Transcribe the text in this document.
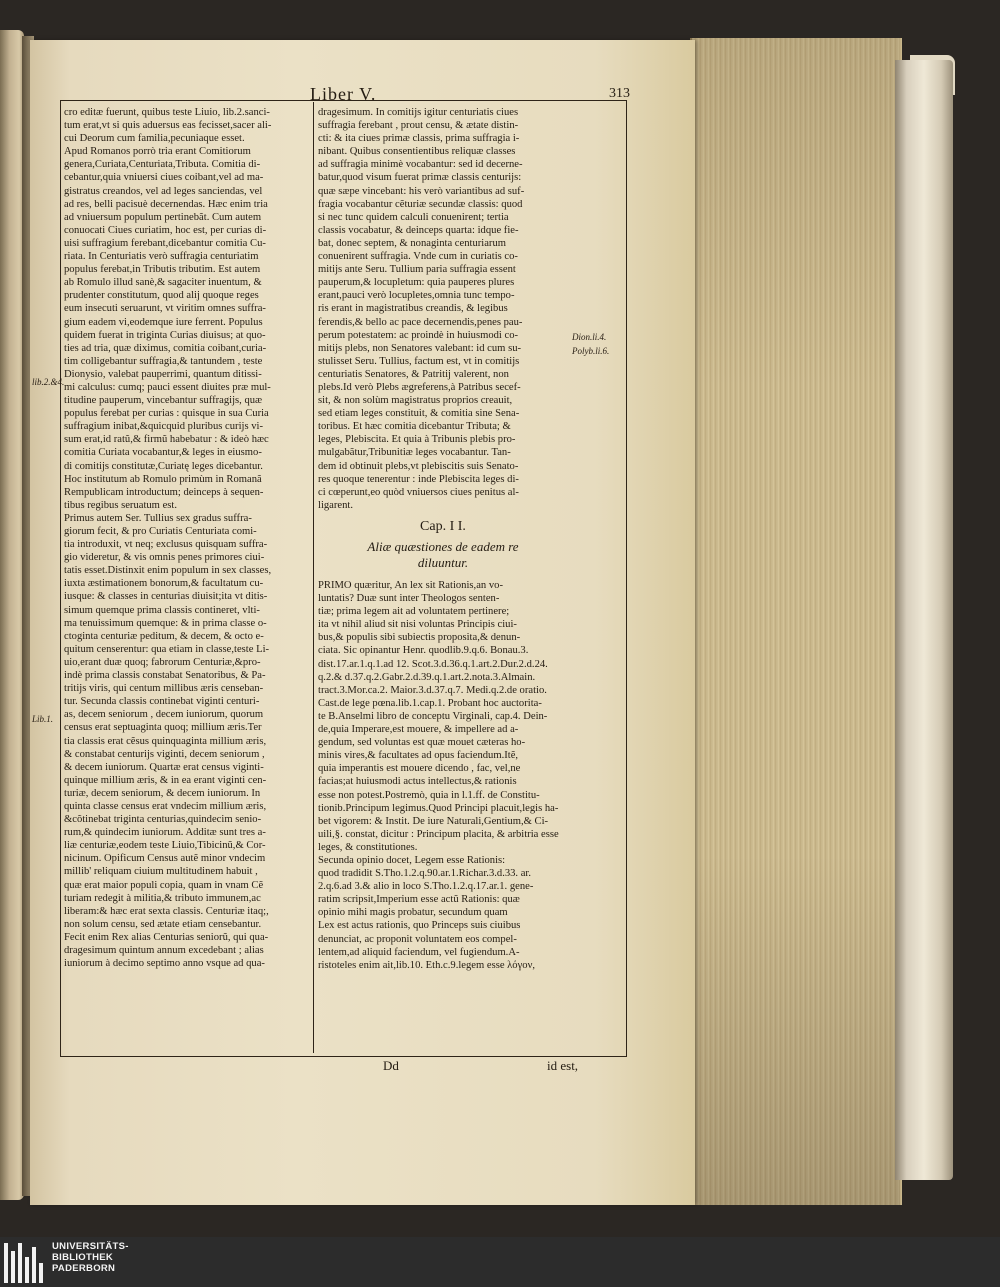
Liber V.	313
cro editæ fuerunt, quibus teste Liuio, lib.2.sanci-
tum erat,vt si quis aduersus eas fecisset,sacer ali-
cui Deorum cum familia,pecuniaque esset.
Apud Romanos porrò tria erant Comitiorum
genera,Curiata,Centuriata,Tributa. Comitia di-
cebantur,quia vniuersi ciues coibant,vel ad ma-
gistratus creandos, vel ad leges sanciendas, vel
ad res, belli pacisuè decernendas. Hæc enim tria
ad vniuersum populum pertinebãt. Cum autem
conuocati Ciues curiatim, hoc est, per curias di-
uisi suffragium ferebant,dicebantur comitia Cu-
riata. In Centuriatis verò suffragia centuriatim
populus ferebat,in Tributis tributim. Est autem
ab Romulo illud sanè,& sagaciter inuentum, &
prudenter constitutum, quod alij quoque reges
eum insecuti seruarunt, vt viritim omnes suffra-
gium eadem vi,eodemque iure ferrent. Populus
quidem fuerat in triginta Curias diuisus; at quo-
ties ad tria, quæ diximus, comitia coibant,curia-
tim colligebantur suffragia,& tantundem , teste
Dionysio, valebat pauperrimi, quantum ditissi-
mi calculus: cumq; pauci essent diuites præ mul-
titudine pauperum, vincebantur suffragijs, quæ
populus ferebat per curias : quisque in sua Curia
suffragium inibat,&quicquid pluribus curijs vi-
sum erat,id ratũ,& firmũ habebatur : & ideò hæc
comitia Curiata vocabantur,& leges in eiusmo-
di comitijs constitutæ,Curiatę leges dicebantur.
Hoc institutum ab Romulo primùm in Romanã
Rempublicam introductum; deinceps à sequen-
tibus regibus seruatum est.
Primus autem Ser. Tullius sex gradus suffra-
giorum fecit, & pro Curiatis Centuriata comi-
tia introduxit, vt neq; exclusus quisquam suffra-
gio videretur, & vis omnis penes primores ciui-
tatis esset.Distinxit enim populum in sex classes,
iuxta æstimationem bonorum,& facultatum cu-
iusque: & classes in centurias diuisit;ita vt ditis-
simum quemque prima classis contineret, vlti-
ma tenuissimum quemque: & in prima classe o-
ctoginta centuriæ peditum, & decem, & octo e-
quitum censerentur: qua etiam in classe,teste Li-
uio,erant duæ quoq; fabrorum Centuriæ,&pro-
indè prima classis constabat Senatoribus, & Pa-
tritijs viris, qui centum millibus æris censeban-
tur. Secunda classis continebat viginti centuri-
as, decem seniorum , decem iuniorum, quorum
census erat septuaginta quoq; millium æris.Ter
tia classis erat cẽsus quinquaginta millium æris,
& constabat centurijs viginti, decem seniorum ,
& decem iuniorum. Quartæ erat census viginti-
quinque millium æris, & in ea erant viginti cen-
turiæ, decem seniorum, & decem iuniorum. In
quinta classe census erat vndecim millium æris,
&cõtinebat triginta centurias,quindecim senio-
rum,& quindecim iuniorum. Additæ sunt tres a-
liæ centuriæ,eodem teste Liuio,Tibicinũ,& Cor-
nicinum. Opificum Census autẽ minor vndecim
millib' reliquam ciuium multitudinem habuit ,
quæ erat maior populi copia, quam in vnam Cẽ
turiam redegit à militia,& tributo immunem,ac
liberam:& hæc erat sexta classis. Centuriæ itaq;,
non solum censu, sed ætate etiam censebantur.
Fecit enim Rex alias Centurias seniorũ, qui qua-
dragesimum quintum annum excedebant ; alias
iuniorum à decimo septimo anno vsque ad qua-
dragesimum. In comitijs igitur centuriatis ciues
suffragia ferebant , prout censu, & ætate distin-
cti: & ita ciues primæ classis, prima suffragia i-
nibant. Quibus consentientibus reliquæ classes
ad suffragia minimè vocabantur: sed id decerne-
batur,quod visum fuerat primæ classis centurijs:
quæ sæpe vincebant: his verò variantibus ad suf-
fragia vocabantur cẽturiæ secundæ classis: quod
si nec tunc quidem calculi conuenirent; tertia
classis vocabatur, & deinceps quarta: idque fie-
bat, donec septem, & nonaginta centuriarum
conuenirent suffragia. Vnde cum in curiatis co-
mitijs ante Seru. Tullium paria suffragia essent
pauperum,& locupletum: quia pauperes plures
erant,pauci verò locupletes,omnia tunc tempo-
ris erant in magistratibus creandis, & legibus
ferendis,& bello ac pace decernendis,penes pau-
perum potestatem: ac proindè in huiusmodi co-
mitijs plebs, non Senatores valebant: id cum su-
stulisset Seru. Tullius, factum est, vt in comitijs
centuriatis Senatores, & Patritij valerent, non
plebs.Id verò Plebs ægreferens,à Patribus secef-
sit, & non solùm magistratus proprios creauit,
sed etiam leges constituit, & comitia sine Sena-
toribus. Et hæc comitia dicebantur Tributa; &
leges, Plebiscita. Et quia à Tribunis plebis pro-
mulgabãtur,Tribunitiæ leges vocabantur. Tan-
dem id obtinuit plebs,vt plebiscitis suis Senato-
res quoque tenerentur : inde Plebiscita leges di-
ci cœperunt,eo quòd vniuersos ciues penitus al-
ligarent.
Cap. I I.
Aliæ quæstiones de eadem re
diluuntur.
PRIMO quæritur, An lex sit Rationis,an vo-
luntatis? Duæ sunt inter Theologos senten-
tiæ; prima legem ait ad voluntatem pertinere;
ita vt nihil aliud sit nisi voluntas Principis ciui-
bus,& populis sibi subiectis proposita,& denun-
ciata. Sic opinantur Henr. quodlib.9.q.6. Bonau.3.
dist.17.ar.1.q.1.ad 12. Scot.3.d.36.q.1.art.2.Dur.2.d.24.
q.2.& d.37.q.2.Gabr.2.d.39.q.1.art.2.nota.3.Almain.
tract.3.Mor.ca.2. Maior.3.d.37.q.7. Medi.q.2.de oratio.
Cast.de lege pœna.lib.1.cap.1. Probant hoc auctorita-
te B.Anselmi libro de conceptu Virginali, cap.4. Dein-
de,quia Imperare,est mouere, & impellere ad a-
gendum, sed voluntas est quæ mouet cæteras ho-
minis vires,& facultates ad opus faciendum.Itẽ,
quia imperantis est mouere dicendo , fac, vel,ne
facias;at huiusmodi actus intellectus,& rationis
esse non potest.Postremò, quia in l.1.ff. de Constitu-
tionib.Principum legimus.Quod Principi placuit,legis ha-
bet vigorem: & Instit. De iure Naturali,Gentium,& Ci-
uili,§. constat, dicitur : Principum placita, & arbitria esse
leges, & constitutiones.
Secunda opinio docet, Legem esse Rationis:
quod tradidit S.Tho.1.2.q.90.ar.1.Richar.3.d.33. ar.
2.q.6.ad 3.& alio in loco S.Tho.1.2.q.17.ar.1. gene-
ratim scripsit,Imperium esse actũ Rationis: quæ
opinio mihi magis probatur, secundum quam
Lex est actus rationis, quo Princeps suis ciuibus
denunciat, ac proponit voluntatem eos compel-
lentem,ad aliquid faciendum, vel fugiendum.A-
ristoteles enim ait,lib.10. Eth.c.9.legem esse λόγον,
lib.2.&4.
Lib.1.
Dion.li.4.
Polyb.li.6.
Dd	id est,
UNIVERSITÄTS-
BIBLIOTHEK
PADERBORN
